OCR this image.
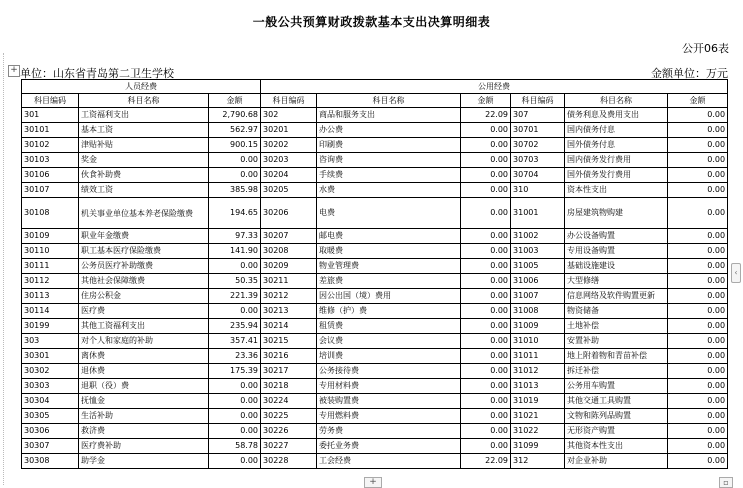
一般公共预算财政拨款基本支出决算明细表
公开06表
+ 单位：山东省青岛第二卫生学校	金额单位：万元
人员经费			公用经费					
科目编码	科目名称	金额	科目编码	科目名称	金额	科目编码	科目名称	金额
301	工资福利支出	2,790.68	302	商品和服务支出	22.09	307	债务利息及费用支出	0.00
30101	基本工资	562.97	30201	办公费	0.00	30701	国内债务付息	0.00
30102	津贴补贴	900.15	30202	印刷费	0.00	30702	国外债务付息	0.00
30103	奖金	0.00	30203	咨询费	0.00	30703	国内债务发行费用	0.00
30106	伙食补助费	0.00	30204	手续费	0.00	30704	国外债务发行费用	0.00
30107	绩效工资	385.98	30205	水费	0.00	310	资本性支出	0.00
30108	机关事业单位基本养老保险缴费	194.65	30206	电费	0.00	31001	房屋建筑物购建	0.00
30109	职业年金缴费	97.33	30207	邮电费	0.00	31002	办公设备购置	0.00
30110	职工基本医疗保险缴费	141.90	30208	取暖费	0.00	31003	专用设备购置	0.00
30111	公务员医疗补助缴费	0.00	30209	物业管理费	0.00	31005	基础设施建设	0.00
30112	其他社会保障缴费	50.35	30211	差旅费	0.00	31006	大型修缮	0.00
30113	住房公积金	221.39	30212	因公出国（境）费用	0.00	31007	信息网络及软件购置更新	0.00
30114	医疗费	0.00	30213	维修（护）费	0.00	31008	物资储备	0.00
30199	其他工资福利支出	235.94	30214	租赁费	0.00	31009	土地补偿	0.00
303	对个人和家庭的补助	357.41	30215	会议费	0.00	31010	安置补助	0.00
30301	离休费	23.36	30216	培训费	0.00	31011	地上附着物和青苗补偿	0.00
30302	退休费	175.39	30217	公务接待费	0.00	31012	拆迁补偿	0.00
30303	退职（役）费	0.00	30218	专用材料费	0.00	31013	公务用车购置	0.00
30304	抚恤金	0.00	30224	被装购置费	0.00	31019	其他交通工具购置	0.00
30305	生活补助	0.00	30225	专用燃料费	0.00	31021	文物和陈列品购置	0.00
30306	救济费	0.00	30226	劳务费	0.00	31022	无形资产购置	0.00
30307	医疗费补助	58.78	30227	委托业务费	0.00	31099	其他资本性支出	0.00
30308	助学金	0.00	30228	工会经费	22.09	312	对企业补助	0.00
‹
+	▫
